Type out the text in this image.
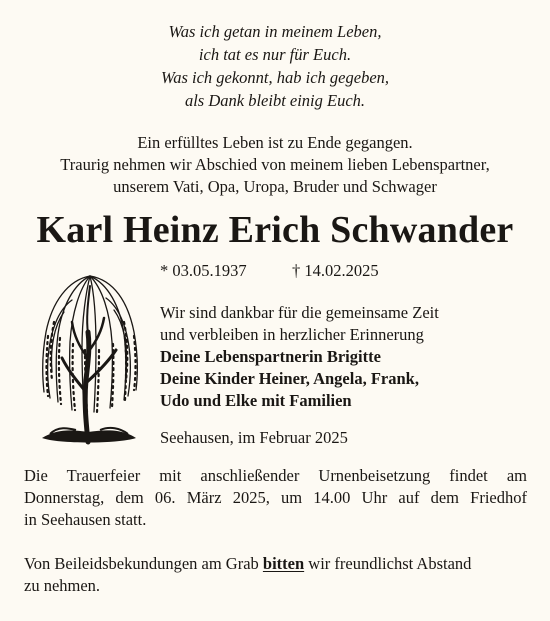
Was ich getan in meinem Leben,
ich tat es nur für Euch.
Was ich gekonnt, hab ich gegeben,
als Dank bleibt einig Euch.
Ein erfülltes Leben ist zu Ende gegangen.
Traurig nehmen wir Abschied von meinem lieben Lebenspartner,
unserem Vati, Opa, Uropa, Bruder und Schwager
Karl Heinz Erich Schwander
* 03.05.1937	† 14.02.2025
Wir sind dankbar für die gemeinsame Zeit
und verbleiben in herzlicher Erinnerung
Deine Lebenspartnerin Brigitte
Deine Kinder Heiner, Angela, Frank,
Udo und Elke mit Familien
Seehausen, im Februar 2025
Die Trauerfeier mit anschließender Urnenbeisetzung findet am
Donnerstag, dem 06. März 2025, um 14.00 Uhr auf dem Friedhof
in Seehausen statt.
Von Beileidsbekundungen am Grab bitten wir freundlichst Abstand
zu nehmen.
